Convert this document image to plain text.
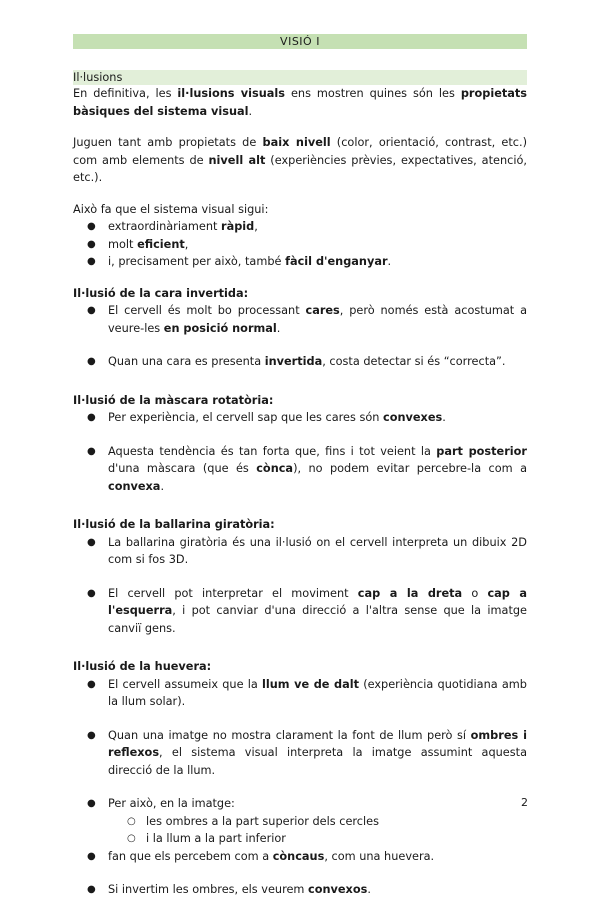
VISIÓ I
Il·lusions

En definitiva, les il·lusions visuals ens mostren quines són les propietats bàsiques del sistema visual.

Juguen tant amb propietats de baix nivell (color, orientació, contrast, etc.) com amb elements de nivell alt (experiències prèvies, expectatives, atenció, etc.).

Això fa que el sistema visual sigui:

● extraordinàriament ràpid,
● molt eficient,
● i, precisament per això, també fàcil d'enganyar.
Il·lusió de la cara invertida:
● El cervell és molt bo processant cares, però només està acostumat a veure-les en posició normal.
● Quan una cara es presenta invertida, costa detectar si és “correcta”.
Il·lusió de la màscara rotatòria:
● Per experiència, el cervell sap que les cares són convexes.
● Aquesta tendència és tan forta que, fins i tot veient la part posterior d'una màscara (que és cònca), no podem evitar percebre-la com a convexa.
Il·lusió de la ballarina giratòria:
● La ballarina giratòria és una il·lusió on el cervell interpreta un dibuix 2D com si fos 3D.
● El cervell pot interpretar el moviment cap a la dreta o cap a l'esquerra, i pot canviar d'una direcció a l'altra sense que la imatge canviï gens.
Il·lusió de la huevera:
● El cervell assumeix que la llum ve de dalt (experiència quotidiana amb la llum solar).
● Quan una imatge no mostra clarament la font de llum però sí ombres i reflexos, el sistema visual interpreta la imatge assumint aquesta direcció de la llum.
● Per això, en la imatge:
○ les ombres a la part superior dels cercles
○ i la llum a la part inferior
● fan que els percebem com a còncaus, com una huevera.
● Si invertim les ombres, els veurem convexos.
2
